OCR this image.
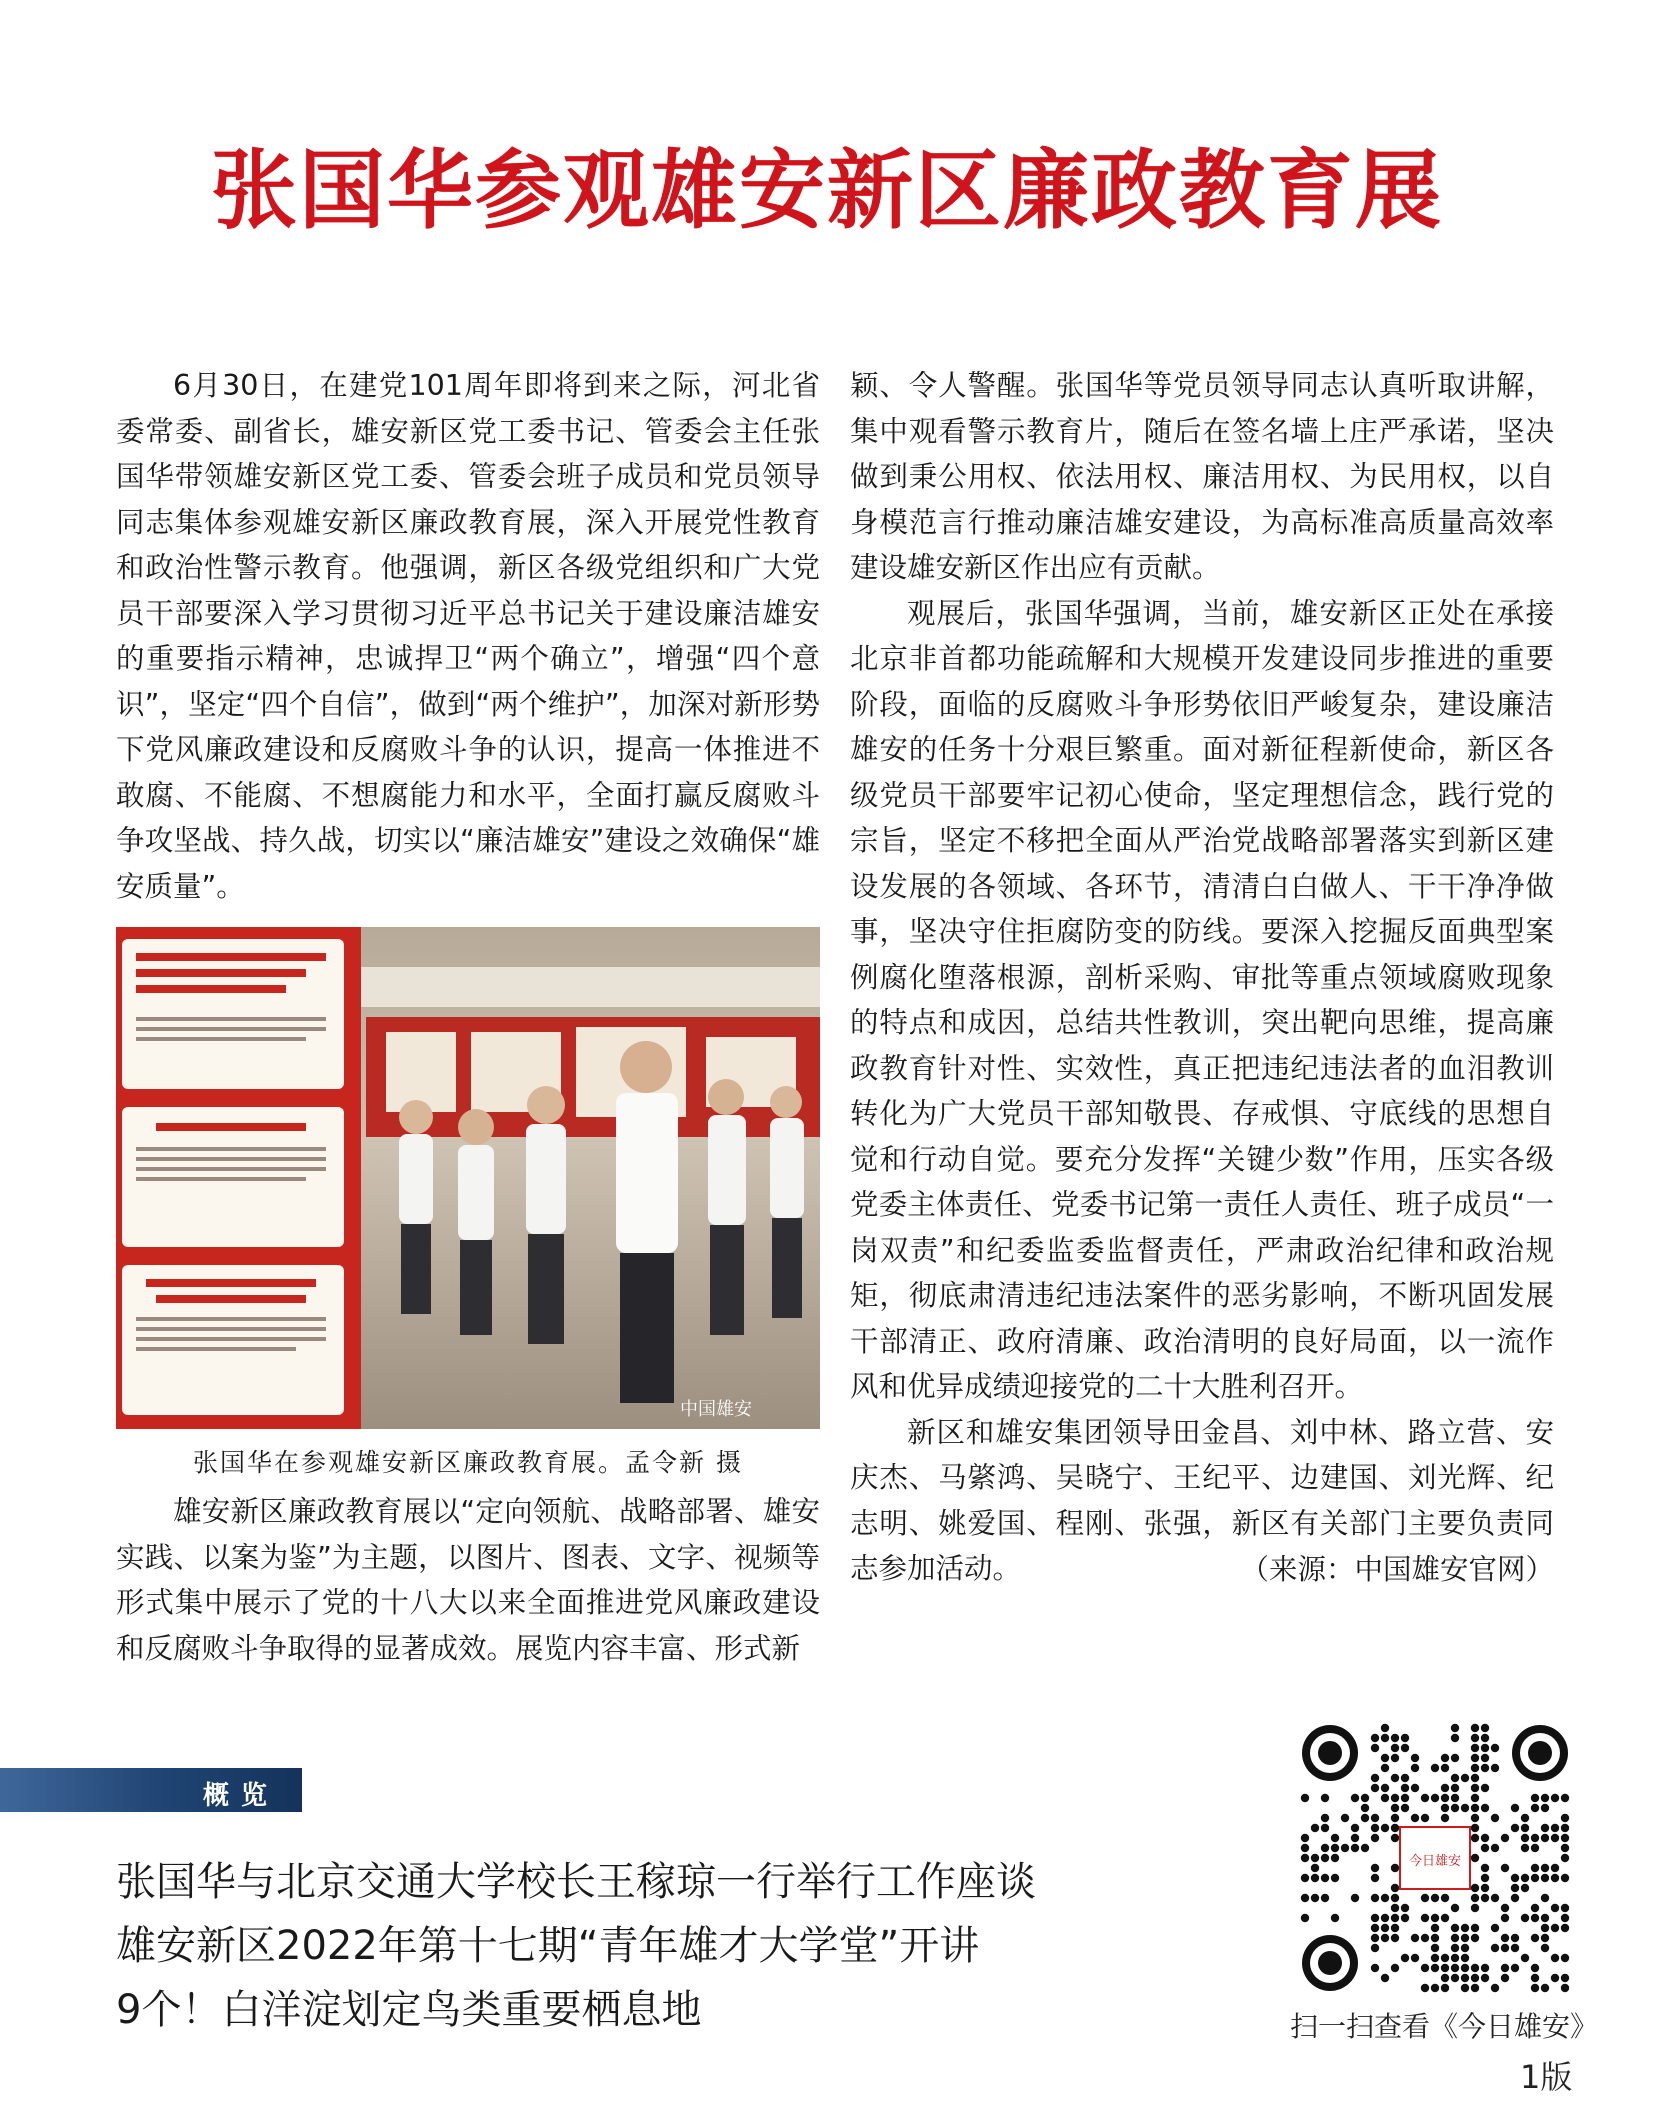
张国华参观雄安新区廉政教育展

6月30日，在建党101周年即将到来之际，河北省委常委、副省长，雄安新区党工委书记、管委会主任张国华带领雄安新区党工委、管委会班子成员和党员领导同志集体参观雄安新区廉政教育展，深入开展党性教育和政治性警示教育。他强调，新区各级党组织和广大党员干部要深入学习贯彻习近平总书记关于建设廉洁雄安的重要指示精神，忠诚捍卫“两个确立”，增强“四个意识”，坚定“四个自信”，做到“两个维护”，加深对新形势下党风廉政建设和反腐败斗争的认识，提高一体推进不敢腐、不能腐、不想腐能力和水平，全面打赢反腐败斗争攻坚战、持久战，切实以“廉洁雄安”建设之效确保“雄安质量”。

中国雄安
张国华在参观雄安新区廉政教育展。孟令新 摄

雄安新区廉政教育展以“定向领航、战略部署、雄安实践、以案为鉴”为主题，以图片、图表、文字、视频等形式集中展示了党的十八大以来全面推进党风廉政建设和反腐败斗争取得的显著成效。展览内容丰富、形式新

颖、令人警醒。张国华等党员领导同志认真听取讲解，集中观看警示教育片，随后在签名墙上庄严承诺，坚决做到秉公用权、依法用权、廉洁用权、为民用权，以自身模范言行推动廉洁雄安建设，为高标准高质量高效率建设雄安新区作出应有贡献。

观展后，张国华强调，当前，雄安新区正处在承接北京非首都功能疏解和大规模开发建设同步推进的重要阶段，面临的反腐败斗争形势依旧严峻复杂，建设廉洁雄安的任务十分艰巨繁重。面对新征程新使命，新区各级党员干部要牢记初心使命，坚定理想信念，践行党的宗旨，坚定不移把全面从严治党战略部署落实到新区建设发展的各领域、各环节，清清白白做人、干干净净做事，坚决守住拒腐防变的防线。要深入挖掘反面典型案例腐化堕落根源，剖析采购、审批等重点领域腐败现象的特点和成因，总结共性教训，突出靶向思维，提高廉政教育针对性、实效性，真正把违纪违法者的血泪教训转化为广大党员干部知敬畏、存戒惧、守底线的思想自觉和行动自觉。要充分发挥“关键少数”作用，压实各级党委主体责任、党委书记第一责任人责任、班子成员“一岗双责”和纪委监委监督责任，严肃政治纪律和政治规矩，彻底肃清违纪违法案件的恶劣影响，不断巩固发展干部清正、政府清廉、政治清明的良好局面，以一流作风和优异成绩迎接党的二十大胜利召开。

新区和雄安集团领导田金昌、刘中林、路立营、安庆杰、马綮鸿、吴晓宁、王纪平、边建国、刘光辉、纪志明、姚爱国、程刚、张强，新区有关部门主要负责同志参加活动。	（来源：中国雄安官网）
概览
张国华与北京交通大学校长王稼琼一行举行工作座谈
雄安新区2022年第十七期“青年雄才大学堂”开讲
9个！白洋淀划定鸟类重要栖息地
今日雄安
扫一扫查看《今日雄安》
1版
